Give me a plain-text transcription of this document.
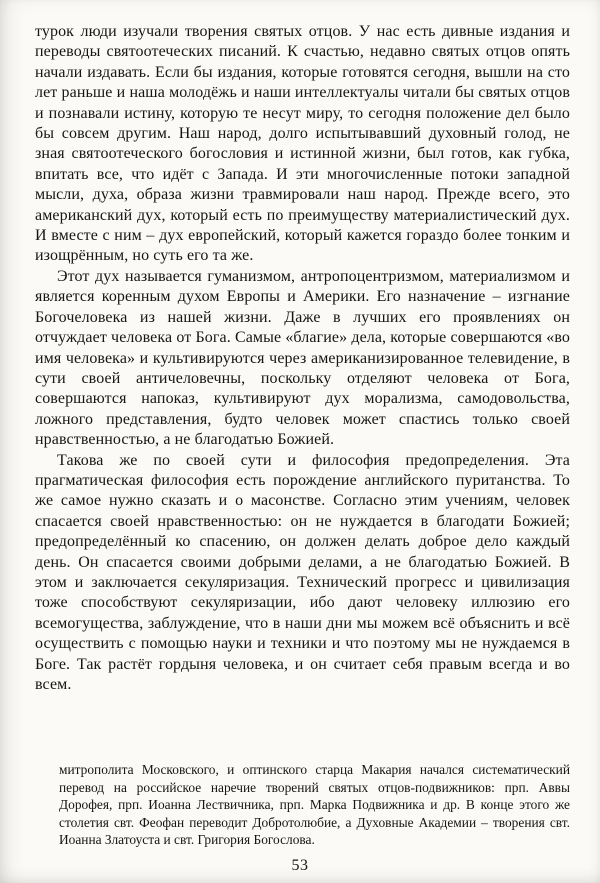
турок люди изучали творения святых отцов. У нас есть дивные издания и переводы святоотеческих писаний. К счастью, недавно святых отцов опять начали издавать. Если бы издания, которые готовятся сегодня, вышли на сто лет раньше и наша молодёжь и наши интеллектуалы читали бы святых отцов и познавали истину, которую те несут миру, то сегодня положение дел было бы совсем другим. Наш народ, долго испытывавший духовный голод, не зная святоотеческого богословия и истинной жизни, был готов, как губка, впитать все, что идёт с Запада. И эти многочисленные потоки западной мысли, духа, образа жизни травмировали наш народ. Прежде всего, это американский дух, который есть по преимуществу материалистический дух. И вместе с ним – дух европейский, который кажется гораздо более тонким и изощрённым, но суть его та же.

Этот дух называется гуманизмом, антропоцентризмом, материализмом и является коренным духом Европы и Америки. Его назначение – изгнание Богочеловека из нашей жизни. Даже в лучших его проявлениях он отчуждает человека от Бога. Самые «благие» дела, которые совершаются «во имя человека» и культивируются через американизированное телевидение, в сути своей античеловечны, поскольку отделяют человека от Бога, совершаются напоказ, культивируют дух морализма, самодовольства, ложного представления, будто человек может спастись только своей нравственностью, а не благодатью Божией.

Такова же по своей сути и философия предопределения. Эта прагматическая философия есть порождение английского пуританства. То же самое нужно сказать и о масонстве. Согласно этим учениям, человек спасается своей нравственностью: он не нуждается в благодати Божией; предопределённый ко спасению, он должен делать доброе дело каждый день. Он спасается своими добрыми делами, а не благодатью Божией. В этом и заключается секуляризация. Технический прогресс и цивилизация тоже способствуют секуляризации, ибо дают человеку иллюзию его всемогущества, заблуждение, что в наши дни мы можем всё объяснить и всё осуществить с помощью науки и техники и что поэтому мы не нуждаемся в Боге. Так растёт гордыня человека, и он считает себя правым всегда и во всем.

митрополита Московского, и оптинского старца Макария начался систематический перевод на российское наречие творений святых отцов-подвижников: прп. Аввы Дорофея, прп. Иоанна Лествичника, прп. Марка Подвижника и др. В конце этого же столетия свт. Феофан переводит Добротолюбие, а Духовные Академии – творения свт. Иоанна Златоуста и свт. Григория Богослова.
53
